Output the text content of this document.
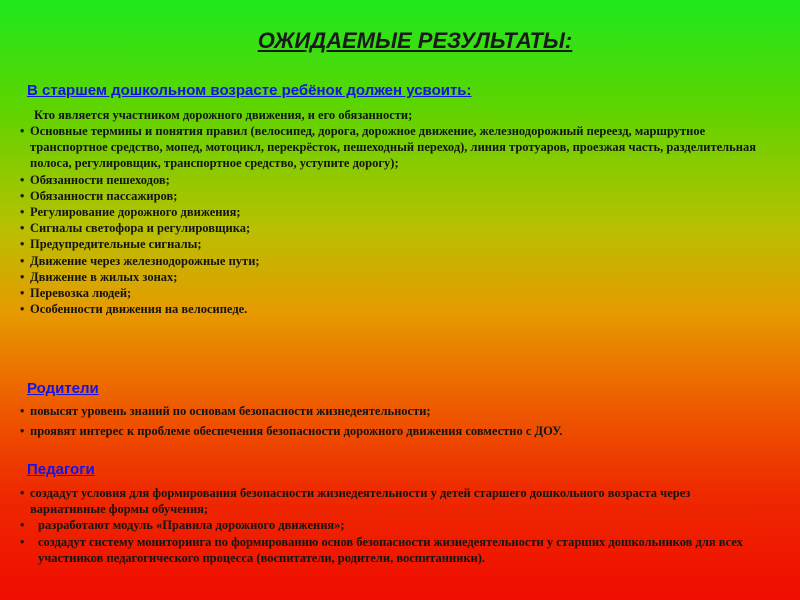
ОЖИДАЕМЫЕ РЕЗУЛЬТАТЫ:
В старшем дошкольном возрасте ребёнок должен усвоить:
Кто является участником дорожного движения, и его обязанности;
• Основные термины и понятия правил (велосипед, дорога, дорожное движение, железнодорожный переезд, маршрутное транспортное средство, мопед, мотоцикл, перекрёсток, пешеходный переход), линия тротуаров, проезжая часть, разделительная полоса, регулировщик, транспортное средство, уступите дорогу);
• Обязанности пешеходов;
• Обязанности пассажиров;
• Регулирование дорожного движения;
• Сигналы светофора и регулировщика;
• Предупредительные сигналы;
• Движение через железнодорожные пути;
• Движение в жилых зонах;
• Перевозка людей;
• Особенности движения на велосипеде.
Родители
• повысят уровень знаний по основам безопасности жизнедеятельности;
• проявят интерес к проблеме обеспечения безопасности дорожного движения совместно с ДОУ.
Педагоги
• создадут условия для формирования безопасности жизнедеятельности у детей старшего дошкольного возраста через вариативные формы обучения;
• разработают модуль «Правила дорожного движения»;
• создадут систему мониторинга по формированию основ безопасности жизнедеятельности у старших дошкольников для всех участников педагогического процесса (воспитатели, родители, воспитанники).
